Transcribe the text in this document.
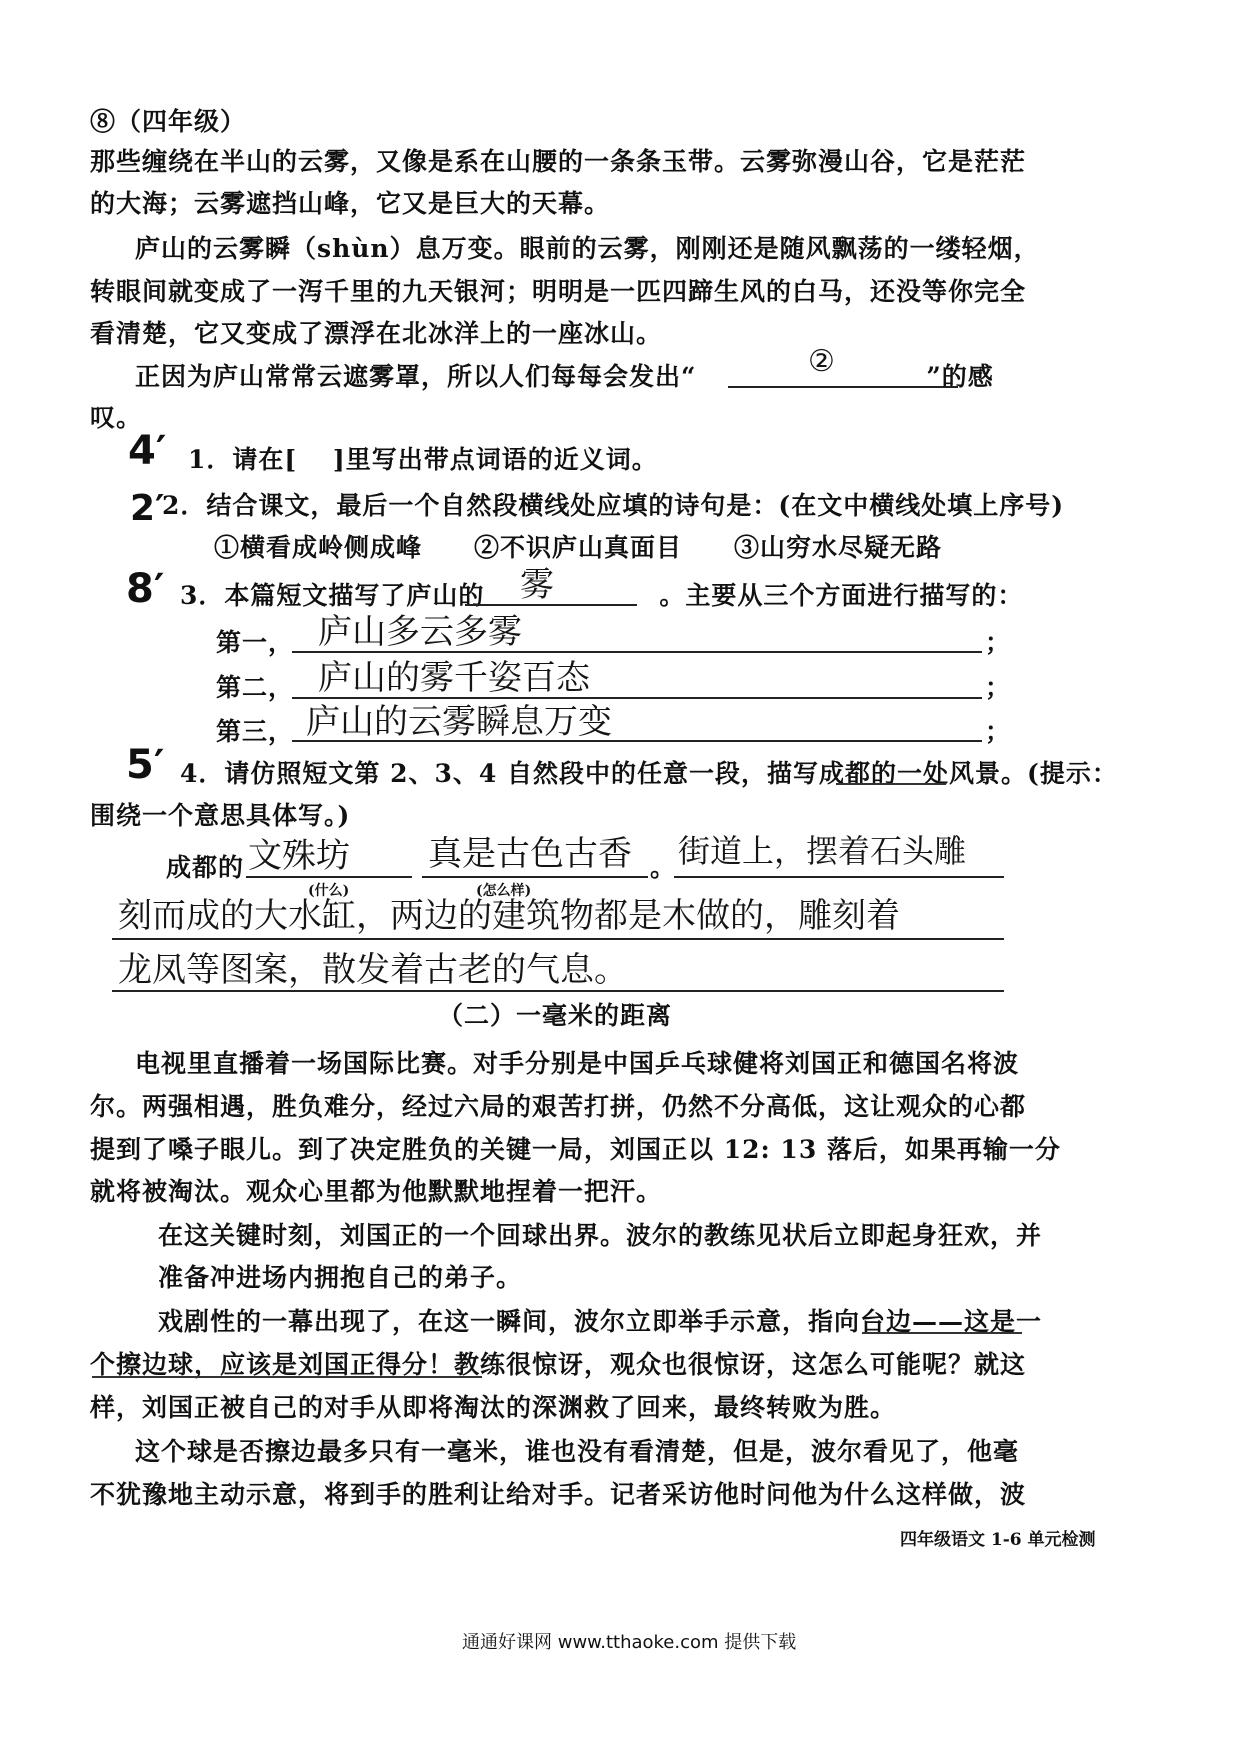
⑧（四年级）
那些缠绕在半山的云雾，又像是系在山腰的一条条玉带。云雾弥漫山谷，它是茫茫
的大海；云雾遮挡山峰，它又是巨大的天幕。
庐山的云雾瞬（shùn）息万变。眼前的云雾，刚刚还是随风飘荡的一缕轻烟，
转眼间就变成了一泻千里的九天银河；明明是一匹四蹄生风的白马，还没等你完全
看清楚，它又变成了漂浮在北冰洋上的一座冰山。
正因为庐山常常云遮雾罩，所以人们每每会发出“	”的感
②
叹。
4′ 1．请在[　 ]里写出带点词语的近义词。
2′
2．结合课文，最后一个自然段横线处应填的诗句是：(在文中横线处填上序号)
①横看成岭侧成峰　　②不识庐山真面目　　③山穷水尽疑无路
8′ 3．本篇短文描写了庐山的	。主要从三个方面进行描写的：
雾
第一， 庐山多云多雾	；
第二， 庐山的雾千姿百态	；
第三， 庐山的云雾瞬息万变	；
5′ 4．请仿照短文第 2、3、4 自然段中的任意一段，描写成都的一处风景。(提示：
围绕一个意思具体写。)
成都的 文殊坊
(什么)
真是古色古香
(怎么样)
。 街道上，摆着石头雕
刻而成的大水缸，两边的建筑物都是木做的，雕刻着
龙凤等图案，散发着古老的气息。
（二）一毫米的距离
电视里直播着一场国际比赛。对手分别是中国乒乓球健将刘国正和德国名将波
尔。两强相遇，胜负难分，经过六局的艰苦打拼，仍然不分高低，这让观众的心都
提到了嗓子眼儿。到了决定胜负的关键一局，刘国正以 12: 13 落后，如果再输一分
就将被淘汰。观众心里都为他默默地捏着一把汗。
在这关键时刻，刘国正的一个回球出界。波尔的教练见状后立即起身狂欢，并
准备冲进场内拥抱自己的弟子。
戏剧性的一幕出现了，在这一瞬间，波尔立即举手示意，指向台边——这是一
个擦边球，应该是刘国正得分！教练很惊讶，观众也很惊讶，这怎么可能呢？就这
样，刘国正被自己的对手从即将淘汰的深渊救了回来，最终转败为胜。
这个球是否擦边最多只有一毫米，谁也没有看清楚，但是，波尔看见了，他毫
不犹豫地主动示意，将到手的胜利让给对手。记者采访他时问他为什么这样做，波
四年级语文 1-6 单元检测
通通好课网 www.tthaoke.com 提供下载
